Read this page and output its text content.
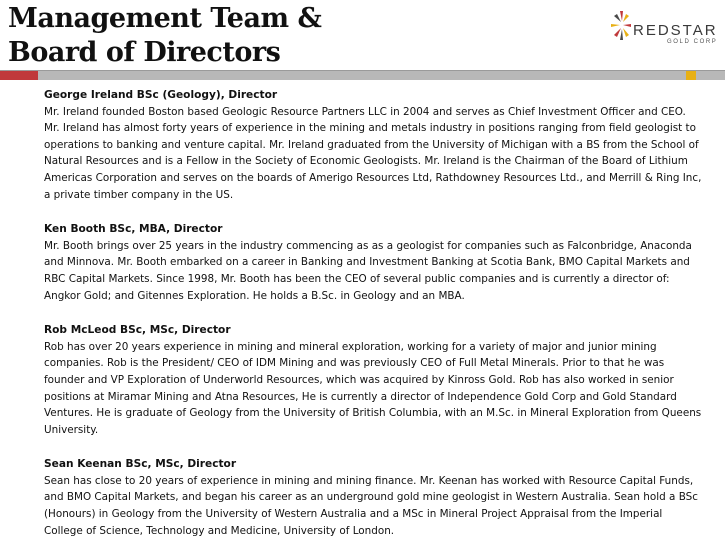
Management Team &
Board of Directors
REDSTAR
GOLD CORP
George Ireland BSc (Geology), Director

Mr. Ireland founded Boston based Geologic Resource Partners LLC in 2004 and serves as Chief Investment Officer and CEO. Mr. Ireland has almost forty years of experience in the mining and metals industry in positions ranging from field geologist to operations to banking and venture capital. Mr. Ireland graduated from the University of Michigan with a BS from the School of Natural Resources and is a Fellow in the Society of Economic Geologists. Mr. Ireland is the Chairman of the Board of Lithium Americas Corporation and serves on the boards of Amerigo Resources Ltd, Rathdowney Resources Ltd., and Merrill & Ring Inc, a private timber company in the US.

Ken Booth BSc, MBA, Director

Mr. Booth brings over 25 years in the industry commencing as as a geologist for companies such as Falconbridge, Anaconda and Minnova. Mr. Booth embarked on a career in Banking and Investment Banking at Scotia Bank, BMO Capital Markets and RBC Capital Markets. Since 1998, Mr. Booth has been the CEO of several public companies and is currently a director of: Angkor Gold; and Gitennes Exploration. He holds a B.Sc. in Geology and an MBA.

Rob McLeod BSc, MSc, Director

Rob has over 20 years experience in mining and mineral exploration, working for a variety of major and junior mining companies. Rob is the President/ CEO of IDM Mining and was previously CEO of Full Metal Minerals. Prior to that he was founder and VP Exploration of Underworld Resources, which was acquired by Kinross Gold. Rob has also worked in senior positions at Miramar Mining and Atna Resources, He is currently a director of Independence Gold Corp and Gold Standard Ventures. He is graduate of Geology from the University of British Columbia, with an M.Sc. in Mineral Exploration from Queens University.

Sean Keenan BSc, MSc, Director

Sean has close to 20 years of experience in mining and mining finance. Mr. Keenan has worked with Resource Capital Funds, and BMO Capital Markets, and began his career as an underground gold mine geologist in Western Australia. Sean hold a BSc (Honours) in Geology from the University of Western Australia and a MSc in Mineral Project Appraisal from the Imperial College of Science, Technology and Medicine, University of London.
